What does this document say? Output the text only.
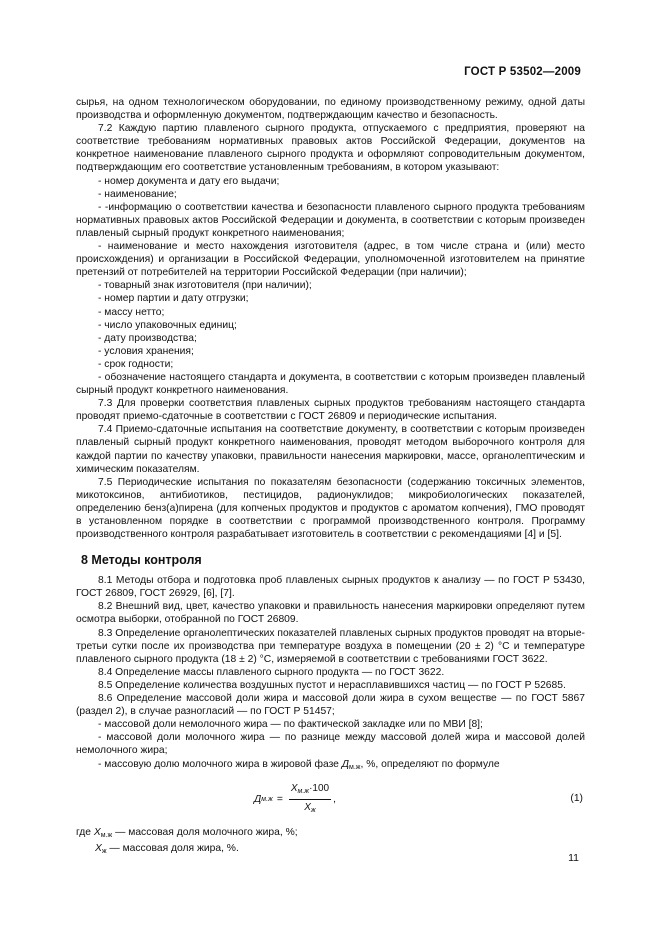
ГОСТ Р 53502—2009

сырья, на одном технологическом оборудовании, по единому производственному режиму, одной даты производства и оформленную документом, подтверждающим качество и безопасность.

7.2 Каждую партию плавленого сырного продукта, отпускаемого с предприятия, проверяют на соответствие требованиям нормативных правовых актов Российской Федерации, документов на конкретное наименование плавленого сырного продукта и оформляют сопроводительным документом, подтверждающим его соответствие установленным требованиям, в котором указывают:

- номер документа и дату его выдачи;

- наименование;

- -информацию о соответствии качества и безопасности плавленого сырного продукта требованиям нормативных правовых актов Российской Федерации и документа, в соответствии с которым произведен плавленый сырный продукт конкретного наименования;

- наименование и место нахождения изготовителя (адрес, в том числе страна и (или) место происхождения) и организации в Российской Федерации, уполномоченной изготовителем на принятие претензий от потребителей на территории Российской Федерации (при наличии);

- товарный знак изготовителя (при наличии);

- номер партии и дату отгрузки;

- массу нетто;

- число упаковочных единиц;

- дату производства;

- условия хранения;

- срок годности;

- обозначение настоящего стандарта и документа, в соответствии с которым произведен плавленый сырный продукт конкретного наименования.

7.3 Для проверки соответствия плавленых сырных продуктов требованиям настоящего стандарта проводят приемо-сдаточные в соответствии с ГОСТ 26809 и периодические испытания.

7.4 Приемо-сдаточные испытания на соответствие документу, в соответствии с которым произведен плавленый сырный продукт конкретного наименования, проводят методом выборочного контроля для каждой партии по качеству упаковки, правильности нанесения маркировки, массе, органолептическим и химическим показателям.

7.5 Периодические испытания по показателям безопасности (содержанию токсичных элементов, микотоксинов, антибиотиков, пестицидов, радионуклидов; микробиологических показателей, определению бенз(а)пирена (для копченых продуктов и продуктов с ароматом копчения), ГМО проводят в установленном порядке в соответствии с программой производственного контроля. Программу производственного контроля разрабатывает изготовитель в соответствии с рекомендациями [4] и [5].

8 Методы контроля

8.1 Методы отбора и подготовка проб плавленых сырных продуктов к анализу — по ГОСТ Р 53430, ГОСТ 26809, ГОСТ 26929, [6], [7].

8.2 Внешний вид, цвет, качество упаковки и правильность нанесения маркировки определяют путем осмотра выборки, отобранной по ГОСТ 26809.

8.3 Определение органолептических показателей плавленых сырных продуктов проводят на вторые-третьи сутки после их производства при температуре воздуха в помещении (20 ± 2) °С и температуре плавленого сырного продукта (18 ± 2) °С, измеряемой в соответствии с требованиями ГОСТ 3622.

8.4 Определение массы плавленого сырного продукта — по ГОСТ 3622.

8.5 Определение количества воздушных пустот и нерасплавившихся частиц — по ГОСТ Р 52685.

8.6 Определение массовой доли жира и массовой доли жира в сухом веществе — по ГОСТ 5867 (раздел 2), в случае разногласий — по ГОСТ Р 51457;

- массовой доли немолочного жира — по фактической закладке или по МВИ [8];

- массовой доли молочного жира — по разнице между массовой долей жира и массовой долей немолочного жира;

- массовую долю молочного жира в жировой фазе $Д_{м.ж}$, %, определяют по формуле

Д $м.ж = \frac{Х_{м.ж}\cdot 100}{Х_ж}$ ,	(1)

где $Х_{м.ж}$ — массовая доля молочного жира, %;

$Х_ж$ — массовая доля жира, %.

11
